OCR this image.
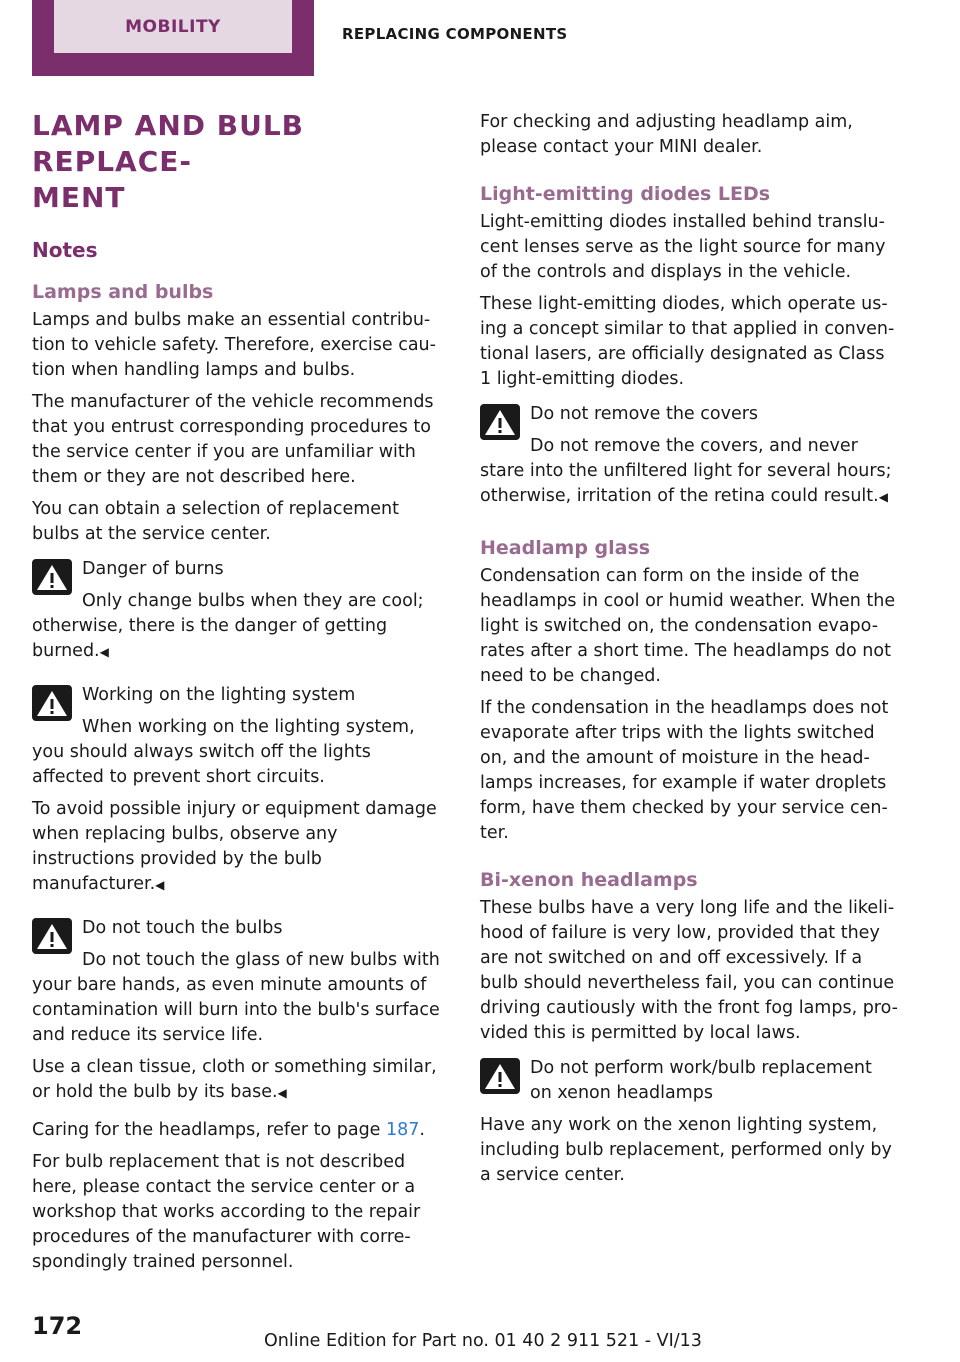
MOBILITY	REPLACING COMPONENTS
LAMP AND BULB REPLACE-
MENT
Notes
Lamps and bulbs

Lamps and bulbs make an essential contribu-tion to vehicle safety. Therefore, exercise cau-tion when handling lamps and bulbs.

The manufacturer of the vehicle recommends that you entrust corresponding procedures to the service center if you are unfamiliar with them or they are not described here.

You can obtain a selection of replacement bulbs at the service center.

Danger of burns

Only change bulbs when they are cool; otherwise, there is the danger of getting burned.◀

Working on the lighting system

When working on the lighting system, you should always switch off the lights affected to prevent short circuits.

To avoid possible injury or equipment damage when replacing bulbs, observe any instructions provided by the bulb manufacturer.◀

Do not touch the bulbs

Do not touch the glass of new bulbs with your bare hands, as even minute amounts of contamination will burn into the bulb's surface and reduce its service life.

Use a clean tissue, cloth or something similar, or hold the bulb by its base.◀

Caring for the headlamps, refer to page 187.

For bulb replacement that is not described here, please contact the service center or a workshop that works according to the repair procedures of the manufacturer with corre-spondingly trained personnel.

For checking and adjusting headlamp aim, please contact your MINI dealer.

Light-emitting diodes LEDs

Light-emitting diodes installed behind translu-cent lenses serve as the light source for many of the controls and displays in the vehicle.

These light-emitting diodes, which operate us-ing a concept similar to that applied in conven-tional lasers, are officially designated as Class 1 light-emitting diodes.

Do not remove the covers

Do not remove the covers, and never stare into the unfiltered light for several hours; otherwise, irritation of the retina could result.◀

Headlamp glass

Condensation can form on the inside of the headlamps in cool or humid weather. When the light is switched on, the condensation evapo-rates after a short time. The headlamps do not need to be changed.

If the condensation in the headlamps does not evaporate after trips with the lights switched on, and the amount of moisture in the head-lamps increases, for example if water droplets form, have them checked by your service cen-ter.

Bi-xenon headlamps

These bulbs have a very long life and the likeli-hood of failure is very low, provided that they are not switched on and off excessively. If a bulb should nevertheless fail, you can continue driving cautiously with the front fog lamps, pro-vided this is permitted by local laws.

Do not perform work/bulb replacement on xenon headlamps

Have any work on the xenon lighting system, including bulb replacement, performed only by a service center.

172
Online Edition for Part no. 01 40 2 911 521 - VI/13
